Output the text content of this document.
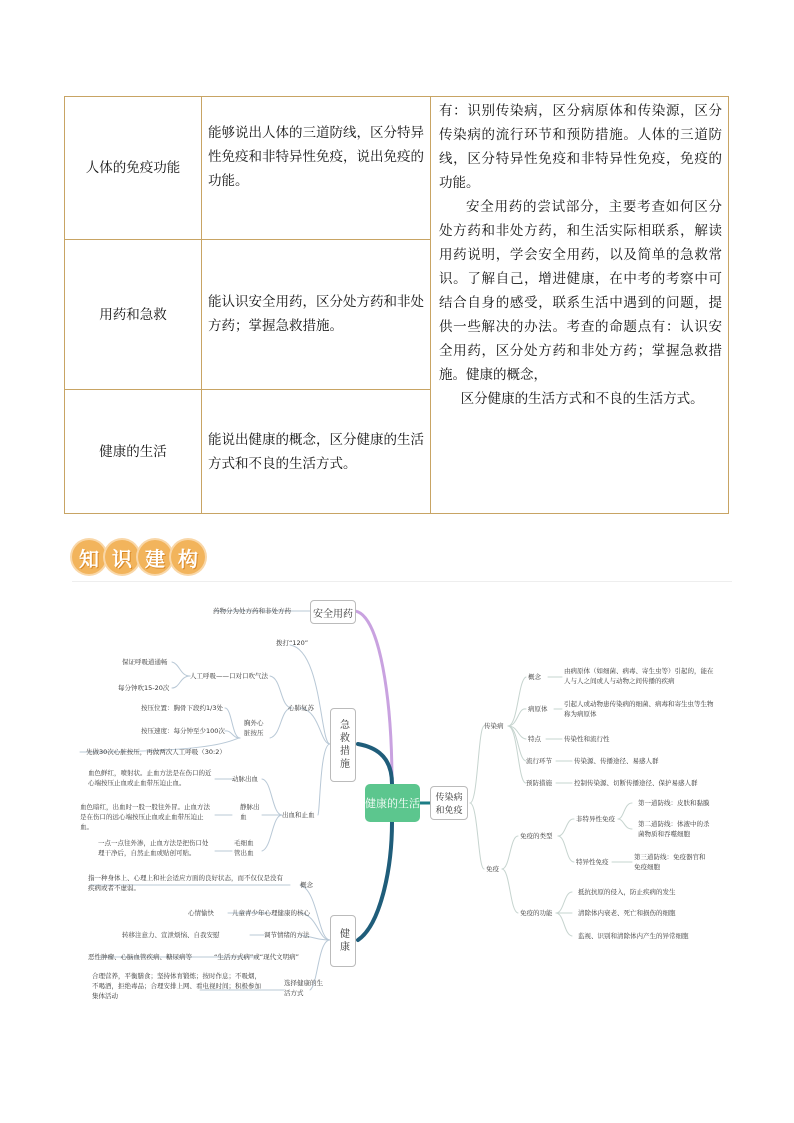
人体的免疫功能	能够说出人体的三道防线，区分特异性免疫和非特异性免疫，说出免疫的功能。	有：识别传染病，区分病原体和传染源，区分传染病的流行环节和预防措施。人体的三道防线，区分特异性免疫和非特异性免疫，免疫的功能。

安全用药的尝试部分，主要考查如何区分处方药和非处方药，和生活实际相联系，解读用药说明，学会安全用药，以及简单的急救常识。了解自己，增进健康，在中考的考察中可结合自身的感受，联系生活中遇到的问题，提供一些解决的办法。考查的命题点有：认识安全用药，区分处方药和非处方药；掌握急救措施。健康的概念，

区分健康的生活方式和不良的生活方式。

用药和急救	能认识安全用药，区分处方药和非处方药；掌握急救措施。	
健康的生活	能说出健康的概念，区分健康的生活方式和不良的生活方式。	
知 识 建 构
健康的生活
安全用药
急救措施
健康
传染病和免疫
药物分为处方药和非处方药
拨打“120”
心肺复苏
人工呼吸——口对口吹气法
保证呼吸道通畅
每分钟吹15-20次
胸外心脏按压
按压位置：胸骨下段约1/3处
按压速度：每分钟至少100次
先做30次心脏按压，再做两次人工呼吸（30:2）
出血和止血
动脉出血
血色鲜红，喷射状。止血方法是在伤口的近心端按压止血或止血带压迫止血。
静脉出血
血色暗红，出血时一股一股往外冒。止血方法是在伤口的远心端按压止血或止血带压迫止血。
毛细血管出血
一点一点往外渗，止血方法是把伤口处理干净后，自然止血或贴创可贴。
概念
指一种身体上、心理上和社会适应方面的良好状态，而不仅仅是没有疾病或者不虚弱。
心情愉快	儿童青少年心理健康的核心
调节情绪的方法
转移注意力、宣泄烦恼、自我安慰
恶性肿瘤、心脑血管疾病、糖尿病等	“生活方式病”或“现代文明病”
选择健康的生活方式
合理营养，平衡膳食；坚持体育锻炼；按时作息；不吸烟，不喝酒，拒绝毒品；合理安排上网、看电视时间；积极参加集体活动
传染病
概念
由病原体（如细菌、病毒、寄生虫等）引起的，能在人与人之间或人与动物之间传播的疾病
病原体
引起人或动物患传染病的细菌、病毒和寄生虫等生物称为病原体
特点	传染性和流行性
流行环节	传染源、传播途径、易感人群
预防措施	控制传染源、切断传播途径、保护易感人群
免疫
免疫的类型
非特异性免疫
第一道防线：皮肤和黏膜
第二道防线：体液中的杀菌物质和吞噬细胞
特异性免疫
第三道防线：免疫器官和免疫细胞
免疫的功能
抵抗抗原的侵入，防止疾病的发生
清除体内衰老、死亡和损伤的细胞
监视、识别和清除体内产生的异常细胞
